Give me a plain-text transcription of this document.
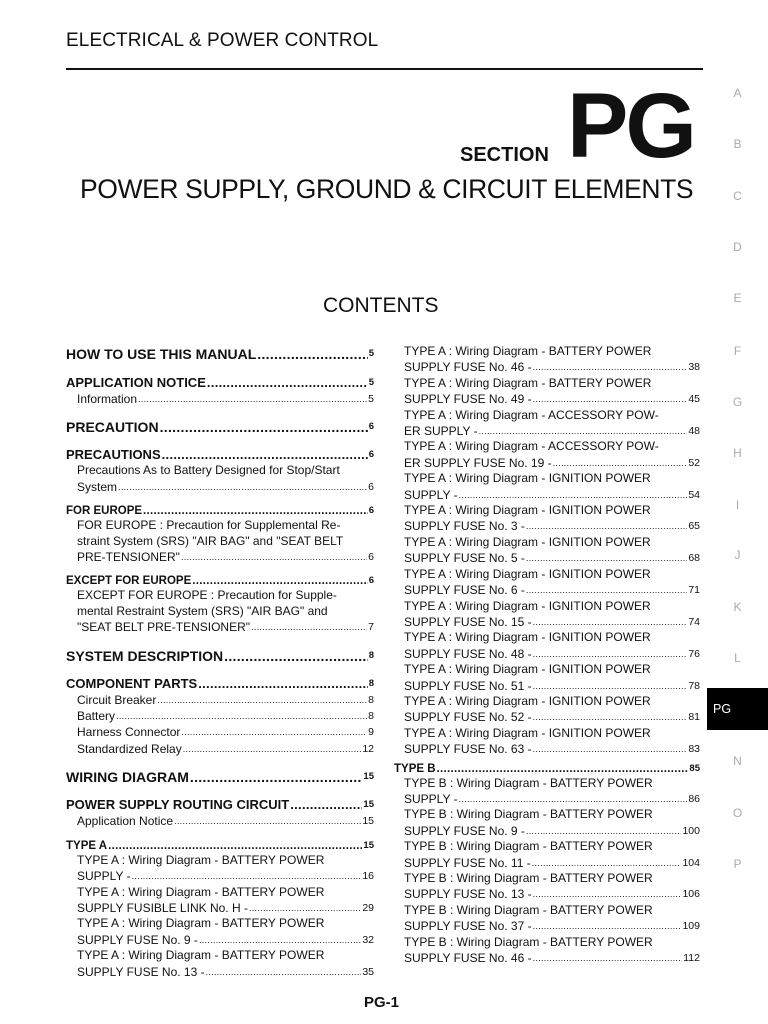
ELECTRICAL & POWER CONTROL
SECTION PG
POWER SUPPLY, GROUND & CIRCUIT ELEMENTS
CONTENTS
A
B
C
D
E
F
G
H
I
J
K
L
PG
N
O
P
HOW TO USE THIS MANUAL .....	5
APPLICATION NOTICE .....	5
Information .....	5
PRECAUTION .....	6
PRECAUTIONS .....	6
Precautions As to Battery Designed for Stop/Start
System .....	6
FOR EUROPE .....	6
FOR EUROPE : Precaution for Supplemental Re-
straint System (SRS) "AIR BAG" and "SEAT BELT
PRE-TENSIONER" .....	6
EXCEPT FOR EUROPE .....	6
EXCEPT FOR EUROPE : Precaution for Supple-
mental Restraint System (SRS) "AIR BAG" and
"SEAT BELT PRE-TENSIONER" .....	7
SYSTEM DESCRIPTION .....	8
COMPONENT PARTS .....	8
Circuit Breaker .....	8
Battery .....	8
Harness Connector .....	9
Standardized Relay .....	12
WIRING DIAGRAM .....	15
POWER SUPPLY ROUTING CIRCUIT .....	15
Application Notice .....	15
TYPE A .....	15
TYPE A : Wiring Diagram - BATTERY POWER
SUPPLY - .....	16
TYPE A : Wiring Diagram - BATTERY POWER
SUPPLY FUSIBLE LINK No. H - .....	29
TYPE A : Wiring Diagram - BATTERY POWER
SUPPLY FUSE No. 9 - .....	32
TYPE A : Wiring Diagram - BATTERY POWER
SUPPLY FUSE No. 13 - .....	35
TYPE A : Wiring Diagram - BATTERY POWER
SUPPLY FUSE No. 46 - .....	38
TYPE A : Wiring Diagram - BATTERY POWER
SUPPLY FUSE No. 49 - .....	45
TYPE A : Wiring Diagram - ACCESSORY POW-
ER SUPPLY - .....	48
TYPE A : Wiring Diagram - ACCESSORY POW-
ER SUPPLY FUSE No. 19 - .....	52
TYPE A : Wiring Diagram - IGNITION POWER
SUPPLY - .....	54
TYPE A : Wiring Diagram - IGNITION POWER
SUPPLY FUSE No. 3 - .....	65
TYPE A : Wiring Diagram - IGNITION POWER
SUPPLY FUSE No. 5 - .....	68
TYPE A : Wiring Diagram - IGNITION POWER
SUPPLY FUSE No. 6 - .....	71
TYPE A : Wiring Diagram - IGNITION POWER
SUPPLY FUSE No. 15 - .....	74
TYPE A : Wiring Diagram - IGNITION POWER
SUPPLY FUSE No. 48 - .....	76
TYPE A : Wiring Diagram - IGNITION POWER
SUPPLY FUSE No. 51 - .....	78
TYPE A : Wiring Diagram - IGNITION POWER
SUPPLY FUSE No. 52 - .....	81
TYPE A : Wiring Diagram - IGNITION POWER
SUPPLY FUSE No. 63 - .....	83
TYPE B .....	85
TYPE B : Wiring Diagram - BATTERY POWER
SUPPLY - .....	86
TYPE B : Wiring Diagram - BATTERY POWER
SUPPLY FUSE No. 9 - .....	100
TYPE B : Wiring Diagram - BATTERY POWER
SUPPLY FUSE No. 11 - .....	104
TYPE B : Wiring Diagram - BATTERY POWER
SUPPLY FUSE No. 13 - .....	106
TYPE B : Wiring Diagram - BATTERY POWER
SUPPLY FUSE No. 37 - .....	109
TYPE B : Wiring Diagram - BATTERY POWER
SUPPLY FUSE No. 46 - .....	112
PG-1
